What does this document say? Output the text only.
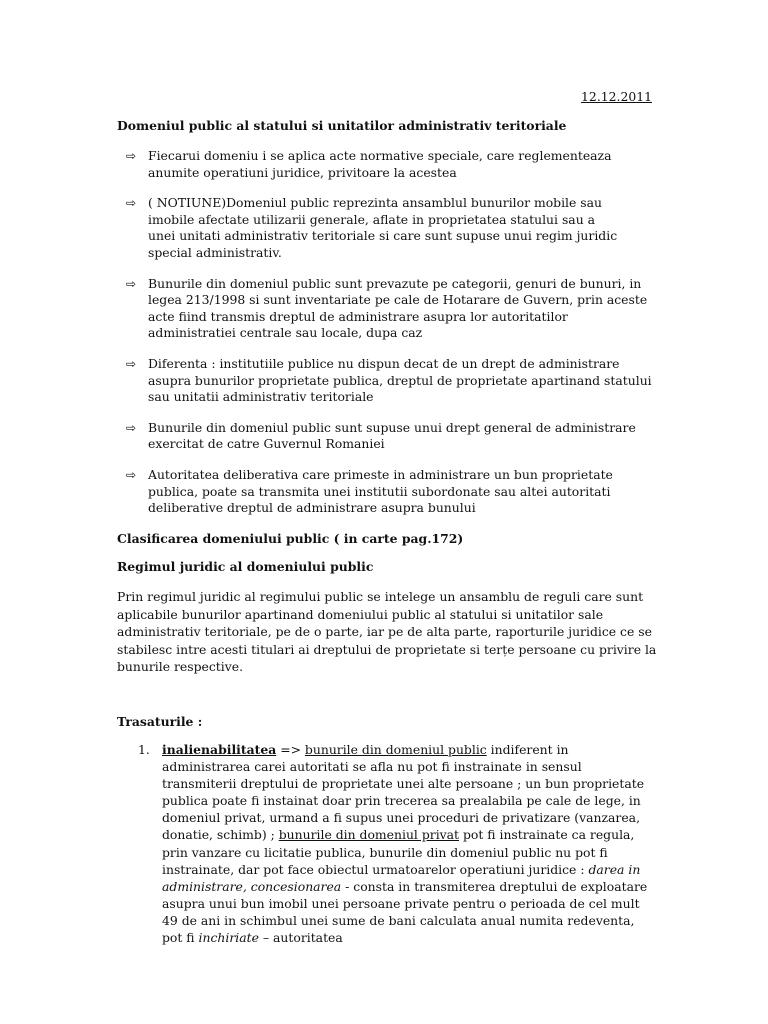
12.12.2011
Domeniul public al statului si unitatilor administrativ teritoriale
⇨ Fiecarui domeniu i se aplica acte normative speciale, care reglementeaza anumite operatiuni juridice, privitoare la acestea
⇨ ( NOTIUNE)Domeniul public reprezinta ansamblul bunurilor mobile sau imobile afectate utilizarii generale, aflate in proprietatea statului sau a unei unitati administrativ teritoriale si care sunt supuse unui regim juridic special administrativ.
⇨ Bunurile din domeniul public sunt prevazute pe categorii, genuri de bunuri, in legea 213/1998 si sunt inventariate pe cale de Hotarare de Guvern, prin aceste acte fiind transmis dreptul de administrare asupra lor autoritatilor administratiei centrale sau locale, dupa caz
⇨ Diferenta : institutiile publice nu dispun decat de un drept de administrare asupra bunurilor proprietate publica, dreptul de proprietate apartinand statului sau unitatii administrativ teritoriale
⇨ Bunurile din domeniul public sunt supuse unui drept general de administrare exercitat de catre Guvernul Romaniei
⇨ Autoritatea deliberativa care primeste in administrare un bun proprietate publica, poate sa transmita unei institutii subordonate sau altei autoritati deliberative dreptul de administrare asupra bunului
Clasificarea domeniului public ( in carte pag.172)
Regimul juridic al domeniului public
Prin regimul juridic al regimului public se intelege un ansamblu de reguli care sunt aplicabile bunurilor apartinand domeniului public al statului si unitatilor sale administrativ teritoriale, pe de o parte, iar pe de alta parte, raporturile juridice ce se stabilesc intre acesti titulari ai dreptului de proprietate si terțe persoane cu privire la bunurile respective.
Trasaturile :
1. inalienabilitatea => bunurile din domeniul public indiferent in administrarea carei autoritati se afla nu pot fi instrainate in sensul transmiterii dreptului de proprietate unei alte persoane ; un bun proprietate publica poate fi instainat doar prin trecerea sa prealabila pe cale de lege, in domeniul privat, urmand a fi supus unei proceduri de privatizare (vanzarea, donatie, schimb) ; bunurile din domeniul privat pot fi instrainate ca regula, prin vanzare cu licitatie publica, bunurile din domeniul public nu pot fi instrainate, dar pot face obiectul urmatoarelor operatiuni juridice : darea in administrare, concesionarea - consta in transmiterea dreptului de exploatare asupra unui bun imobil unei persoane private pentru o perioada de cel mult 49 de ani in schimbul unei sume de bani calculata anual numita redeventa, pot fi inchiriate – autoritatea
